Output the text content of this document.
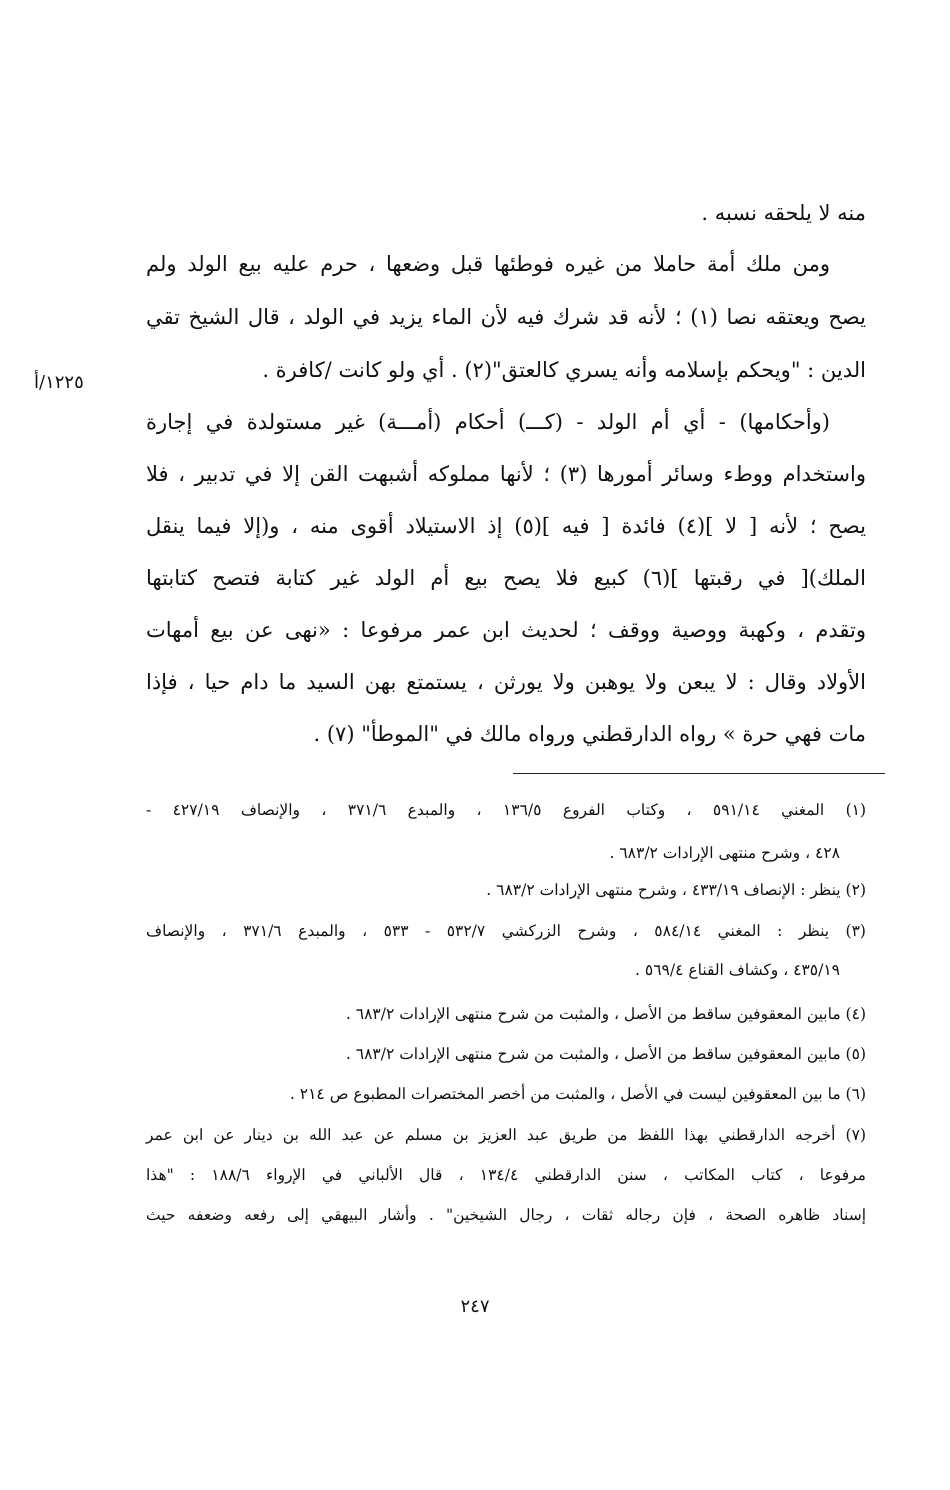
منه لا يلحقه نسبه .
ومن ملك أمة حاملا من غيره فوطئها قبل وضعها ، حرم عليه بيع الولد ولم
يصح ويعتقه نصا (١) ؛ لأنه قد شرك فيه لأن الماء يزيد في الولد ، قال الشيخ تقي
الدين : "ويحكم بإسلامه وأنه يسري كالعتق"(٢) . أي ولو كانت /كافرة .
١٢٢٥/أ
(وأحكامها) - أي أم الولد - (كـــ) أحكام (أمـــة) غير مستولدة في إجارة
واستخدام ووطء وسائر أمورها (٣) ؛ لأنها مملوكه أشبهت القن إلا في تدبير ، فلا
يصح ؛ لأنه [ لا ](٤) فائدة [ فيه ](٥) إذ الاستيلاد أقوى منه ، و(إلا فيما ينقل
الملك)[ في رقبتها ](٦) كبيع فلا يصح بيع أم الولد غير كتابة فتصح كتابتها
وتقدم ، وكهبة ووصية ووقف ؛ لحديث ابن عمر مرفوعا : «نهى عن بيع أمهات
الأولاد وقال : لا يبعن ولا يوهبن ولا يورثن ، يستمتع بهن السيد ما دام حيا ، فإذا
مات فهي حرة » رواه الدارقطني ورواه مالك في "الموطأ" (٧) .
(١) المغني ٥٩١/١٤ ، وكتاب الفروع ١٣٦/٥ ، والمبدع ٣٧١/٦ ، والإنصاف ٤٢٧/١٩ -
٤٢٨ ، وشرح منتهى الإرادات ٦٨٣/٢ .
(٢) ينظر : الإنصاف ٤٣٣/١٩ ، وشرح منتهى الإرادات ٦٨٣/٢ .
(٣) ينظر : المغني ٥٨٤/١٤ ، وشرح الزركشي ٥٣٢/٧ - ٥٣٣ ، والمبدع ٣٧١/٦ ، والإنصاف
٤٣٥/١٩ ، وكشاف القناع ٥٦٩/٤ .
(٤) مابين المعقوفين ساقط من الأصل ، والمثبت من شرح منتهى الإرادات ٦٨٣/٢ .
(٥) مابين المعقوفين ساقط من الأصل ، والمثبت من شرح منتهى الإرادات ٦٨٣/٢ .
(٦) ما بين المعقوفين ليست في الأصل ، والمثبت من أخصر المختصرات المطبوع ص ٢١٤ .
(٧) أخرجه الدارقطني بهذا اللفظ من طريق عبد العزيز بن مسلم عن عبد الله بن دينار عن ابن عمر
مرفوعا ، كتاب المكاتب ، سنن الدارقطني ١٣٤/٤ ، قال الألباني في الإرواء ١٨٨/٦ : "هذا
إسناد ظاهره الصحة ، فإن رجاله ثقات ، رجال الشيخين" . وأشار البيهقي إلى رفعه وضعفه حيث
٢٤٧
